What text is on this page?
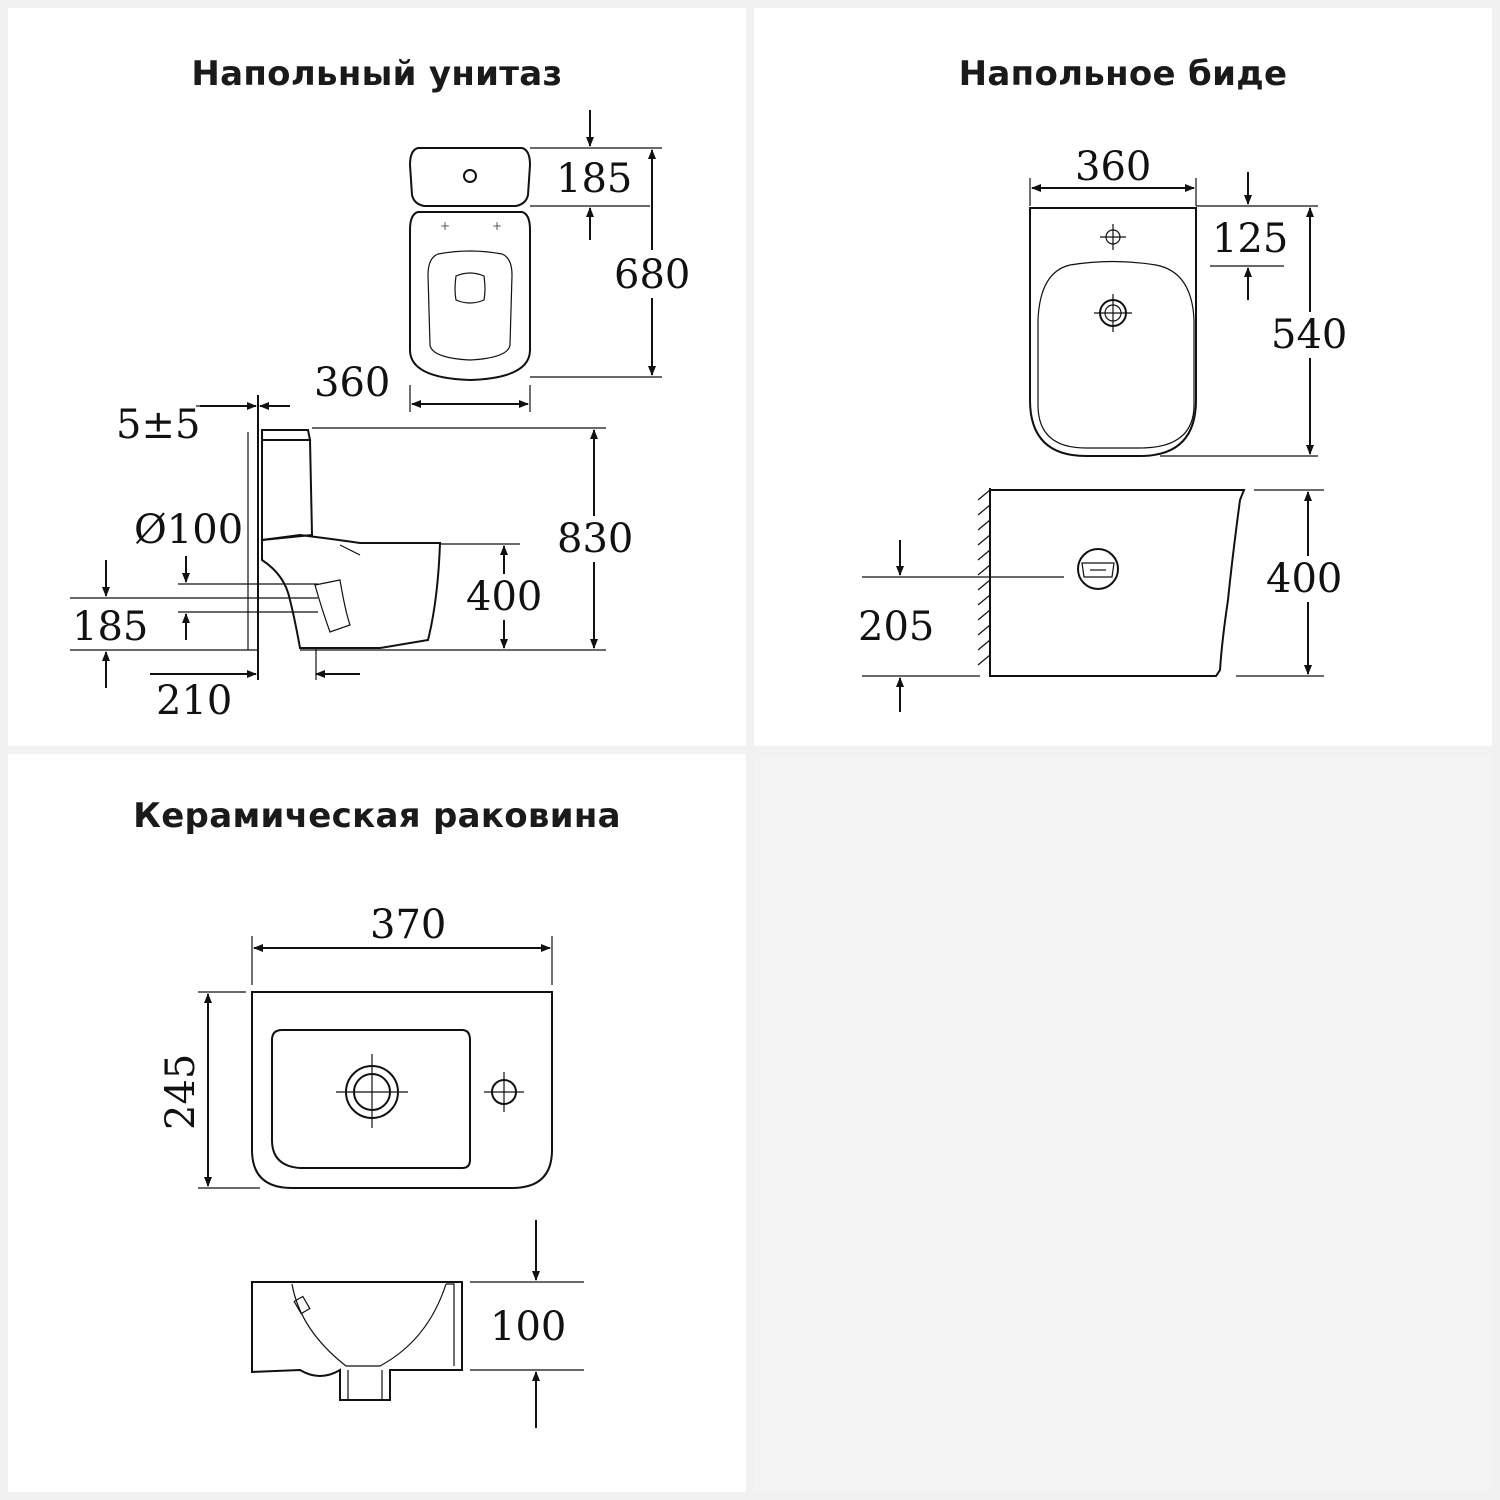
Напольный унитаз
+	+
185
680
360
830
400
5±5
Ø100
185
210
Напольное биде
360
125
540
400
205
Керамическая раковина
370
245
100
